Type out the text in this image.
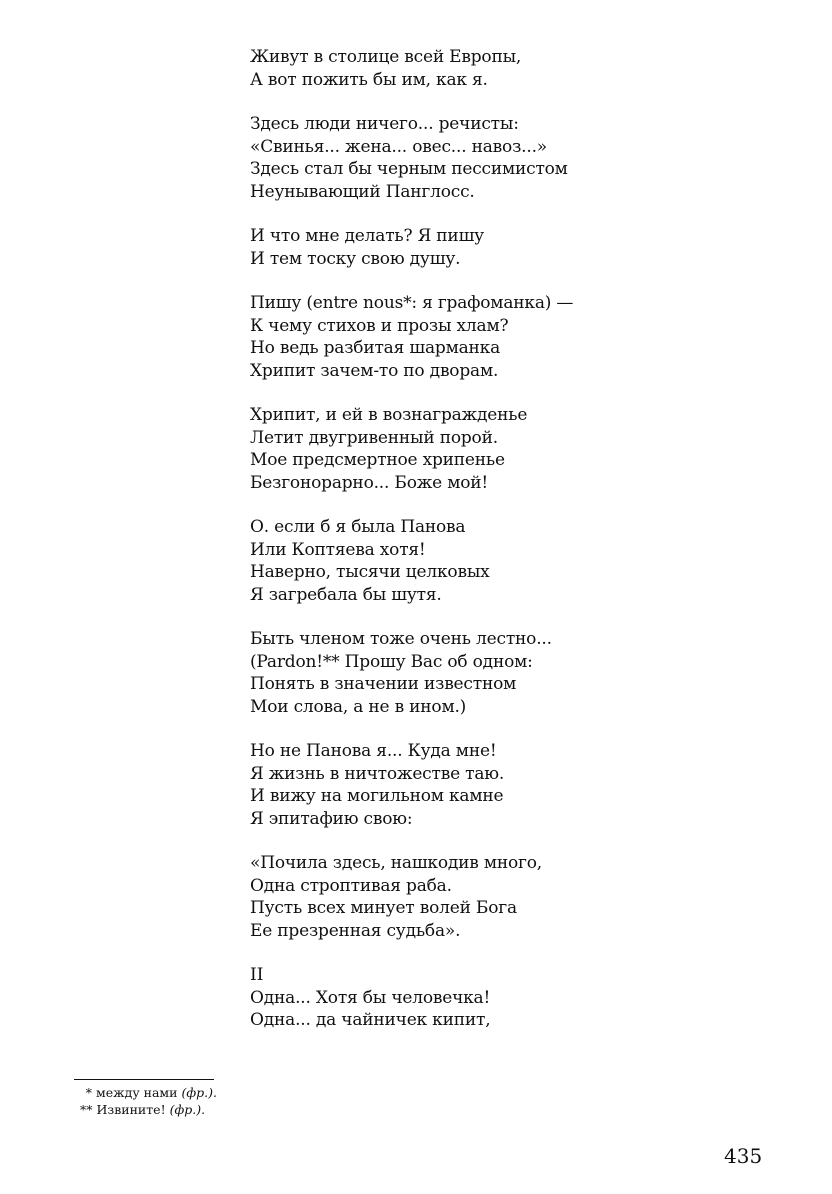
Живут в столице всей Европы,
А вот пожить бы им, как я.
Здесь люди ничего... речисты:
«Свинья... жена... овес... навоз...»
Здесь стал бы черным пессимистом
Неунывающий Панглосс.
И что мне делать? Я пишу
И тем тоску свою душу.
Пишу (entre nous*: я графоманка) —
К чему стихов и прозы хлам?
Но ведь разбитая шарманка
Хрипит зачем-то по дворам.
Хрипит, и ей в вознагражденье
Летит двугривенный порой.
Мое предсмертное хрипенье
Безгонорарно... Боже мой!
О. если б я была Панова
Или Коптяева хотя!
Наверно, тысячи целковых
Я загребала бы шутя.
Быть членом тоже очень лестно...
(Pardon!** Прошу Вас об одном:
Понять в значении известном
Мои слова, а не в ином.)
Но не Панова я... Куда мне!
Я жизнь в ничтожестве таю.
И вижу на могильном камне
Я эпитафию свою:
«Почила здесь, нашкодив много,
Одна строптивая раба.
Пусть всех минует волей Бога
Ее презренная судьба».
II
Одна... Хотя бы человечка!
Одна... да чайничек кипит,
* между нами (фр.).
** Извините! (фр.).
435
